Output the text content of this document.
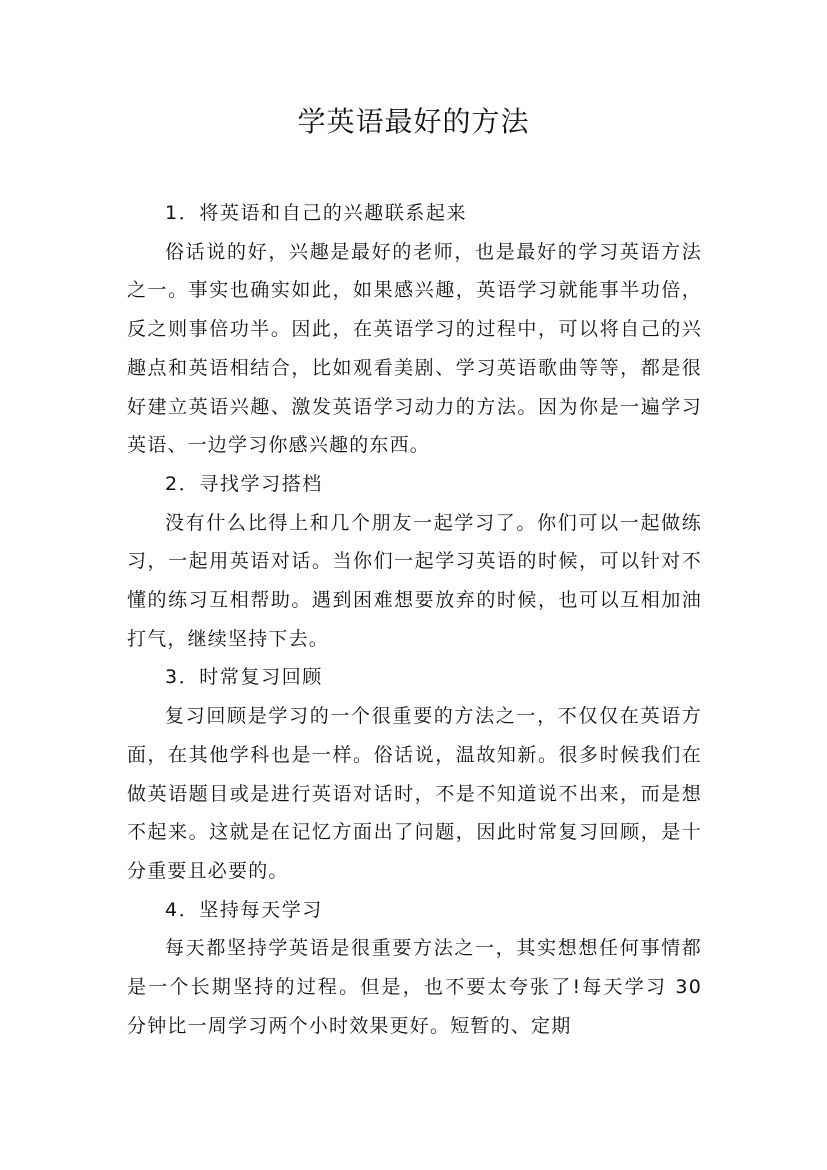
学英语最好的方法

1．将英语和自己的兴趣联系起来

俗话说的好，兴趣是最好的老师，也是最好的学习英语方法之一。事实也确实如此，如果感兴趣，英语学习就能事半功倍，反之则事倍功半。因此，在英语学习的过程中，可以将自己的兴趣点和英语相结合，比如观看美剧、学习英语歌曲等等，都是很好建立英语兴趣、激发英语学习动力的方法。因为你是一遍学习英语、一边学习你感兴趣的东西。

2．寻找学习搭档

没有什么比得上和几个朋友一起学习了。你们可以一起做练习，一起用英语对话。当你们一起学习英语的时候，可以针对不懂的练习互相帮助。遇到困难想要放弃的时候，也可以互相加油打气，继续坚持下去。

3．时常复习回顾

复习回顾是学习的一个很重要的方法之一，不仅仅在英语方面，在其他学科也是一样。俗话说，温故知新。很多时候我们在做英语题目或是进行英语对话时，不是不知道说不出来，而是想不起来。这就是在记忆方面出了问题，因此时常复习回顾，是十分重要且必要的。

4．坚持每天学习

每天都坚持学英语是很重要方法之一，其实想想任何事情都是一个长期坚持的过程。但是，也不要太夸张了!每天学习 30 分钟比一周学习两个小时效果更好。短暂的、定期
